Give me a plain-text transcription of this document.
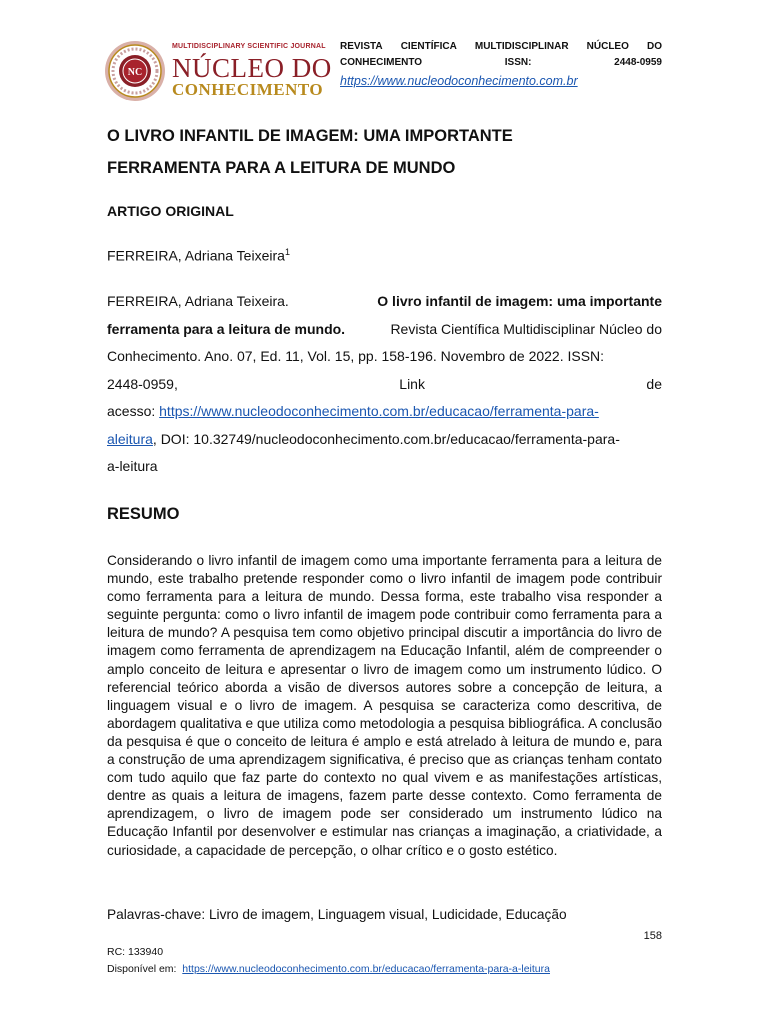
NC
MULTIDISCIPLINARY SCIENTIFIC JOURNAL
NÚCLEO DO
CONHECIMENTO
REVISTA CIENTÍFICA MULTIDISCIPLINAR NÚCLEO DO
CONHECIMENTO	ISSN:	2448-0959
https://www.nucleodoconhecimento.com.br
O LIVRO INFANTIL DE IMAGEM: UMA IMPORTANTE
FERRAMENTA PARA A LEITURA DE MUNDO
ARTIGO ORIGINAL
FERREIRA, Adriana Teixeira$^1$
FERREIRA, Adriana Teixeira.	O livro infantil de imagem: uma importante
ferramenta para a leitura de mundo.	Revista Científica Multidisciplinar Núcleo do
Conhecimento. Ano. 07, Ed. 11, Vol. 15, pp. 158-196. Novembro de 2022. ISSN:
2448-0959,	Link	de
acesso: https://www.nucleodoconhecimento.com.br/educacao/ferramenta-para-
aleitura, DOI: 10.32749/nucleodoconhecimento.com.br/educacao/ferramenta-para-
a-leitura
RESUMO
Considerando o livro infantil de imagem como uma importante ferramenta para a leitura de mundo, este trabalho pretende responder como o livro infantil de imagem pode contribuir como ferramenta para a leitura de mundo. Dessa forma, este trabalho visa responder a seguinte pergunta: como o livro infantil de imagem pode contribuir como ferramenta para a leitura de mundo? A pesquisa tem como objetivo principal discutir a importância do livro de imagem como ferramenta de aprendizagem na Educação Infantil, além de compreender o amplo conceito de leitura e apresentar o livro de imagem como um instrumento lúdico. O referencial teórico aborda a visão de diversos autores sobre a concepção de leitura, a linguagem visual e o livro de imagem. A pesquisa se caracteriza como descritiva, de abordagem qualitativa e que utiliza como metodologia a pesquisa bibliográfica. A conclusão da pesquisa é que o conceito de leitura é amplo e está atrelado à leitura de mundo e, para a construção de uma aprendizagem significativa, é preciso que as crianças tenham contato com tudo aquilo que faz parte do contexto no qual vivem e as manifestações artísticas, dentre as quais a leitura de imagens, fazem parte desse contexto. Como ferramenta de aprendizagem, o livro de imagem pode ser considerado um instrumento lúdico na Educação Infantil por desenvolver e estimular nas crianças a imaginação, a criatividade, a curiosidade, a capacidade de percepção, o olhar crítico e o gosto estético.
Palavras-chave: Livro de imagem, Linguagem visual, Ludicidade, Educação
158
RC: 133940
Disponível em: https://www.nucleodoconhecimento.com.br/educacao/ferramenta-para-a-leitura
